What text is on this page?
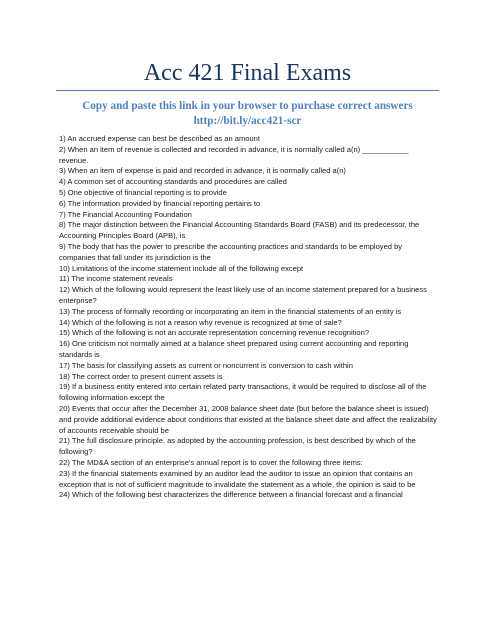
Acc 421 Final Exams
Copy and paste this link in your browser to purchase correct answers
http://bit.ly/acc421-scr
1) An accrued expense can best be described as an amount
2) When an item of revenue is collected and recorded in advance, it is normally called a(n) ___________ revenue.
3) When an item of expense is paid and recorded in advance, it is normally called a(n)
4) A common set of accounting standards and procedures are called
5) One objective of financial reporting is to provide
6) The information provided by financial reporting pertains to
7) The Financial Accounting Foundation
8) The major distinction between the Financial Accounting Standards Board (FASB) and its predecessor, the Accounting Principles Board (APB), is
9) The body that has the power to prescribe the accounting practices and standards to be employed by companies that fall under its jurisdiction is the
10) Limitations of the income statement include all of the following except
11) The income statement reveals
12) Which of the following would represent the least likely use of an income statement prepared for a business enterprise?
13) The process of formally recording or incorporating an item in the financial statements of an entity is
14) Which of the following is not a reason why revenue is recognized at time of sale?
15) Which of the following is not an accurate representation concerning revenue recognition?
16) One criticism not normally aimed at a balance sheet prepared using current accounting and reporting standards is
17) The basis for classifying assets as current or noncurrent is conversion to cash within
18) The correct order to present current assets is
19) If a business entity entered into certain related party transactions, it would be required to disclose all of the following information except the
20) Events that occur after the December 31, 2008 balance sheet date (but before the balance sheet is issued) and provide additional evidence about conditions that existed at the balance sheet date and affect the realizability of accounts receivable should be
21) The full disclosure principle, as adopted by the accounting profession, is best described by which of the following?
22) The MD&A section of an enterprise's annual report is to cover the following three items:
23) If the financial statements examined by an auditor lead the auditor to issue an opinion that contains an exception that is not of sufficient magnitude to invalidate the statement as a whole, the opinion is said to be
24) Which of the following best characterizes the difference between a financial forecast and a financial
